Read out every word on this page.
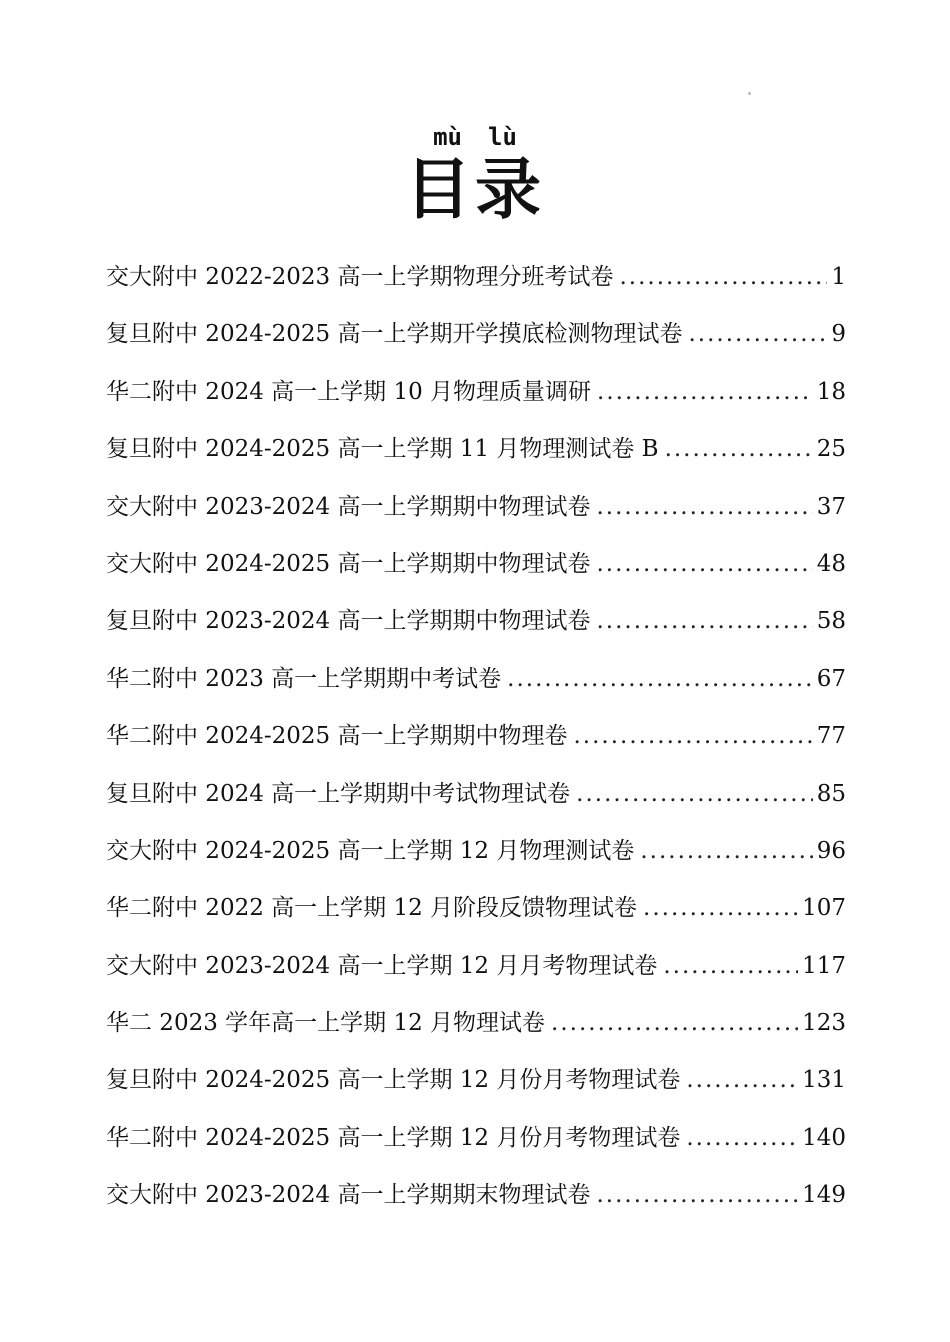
mù lù
目录
交大附中 2022-2023 高一上学期物理分班考试卷 .....	1
复旦附中 2024-2025 高一上学期开学摸底检测物理试卷 .....	9
华二附中 2024 高一上学期 10 月物理质量调研 .....	18
复旦附中 2024-2025 高一上学期 11 月物理测试卷 B .....	25
交大附中 2023-2024 高一上学期期中物理试卷 .....	37
交大附中 2024-2025 高一上学期期中物理试卷 .....	48
复旦附中 2023-2024 高一上学期期中物理试卷 .....	58
华二附中 2023 高一上学期期中考试卷 .....	67
华二附中 2024-2025 高一上学期期中物理卷 .....	77
复旦附中 2024 高一上学期期中考试物理试卷 .....	85
交大附中 2024-2025 高一上学期 12 月物理测试卷 .....	96
华二附中 2022 高一上学期 12 月阶段反馈物理试卷 .....	107
交大附中 2023-2024 高一上学期 12 月月考物理试卷 .....	117
华二 2023 学年高一上学期 12 月物理试卷 .....	123
复旦附中 2024-2025 高一上学期 12 月份月考物理试卷 .....	131
华二附中 2024-2025 高一上学期 12 月份月考物理试卷 .....	140
交大附中 2023-2024 高一上学期期末物理试卷 .....	149
